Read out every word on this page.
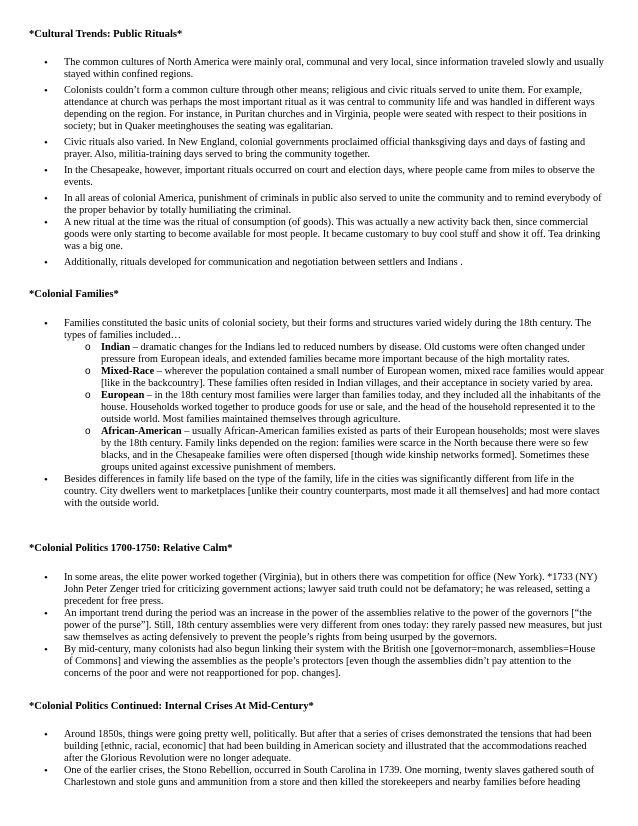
*Cultural Trends: Public Rituals*
• The common cultures of North America were mainly oral, communal and very local, since information traveled slowly and usually stayed within confined regions.
• Colonists couldn’t form a common culture through other means; religious and civic rituals served to unite them. For example, attendance at church was perhaps the most important ritual as it was central to community life and was handled in different ways depending on the region. For instance, in Puritan churches and in Virginia, people were seated with respect to their positions in society; but in Quaker meetinghouses the seating was egalitarian.
• Civic rituals also varied. In New England, colonial governments proclaimed official thanksgiving days and days of fasting and prayer. Also, militia-training days served to bring the community together.
• In the Chesapeake, however, important rituals occurred on court and election days, where people came from miles to observe the events.
• In all areas of colonial America, punishment of criminals in public also served to unite the community and to remind everybody of the proper behavior by totally humiliating the criminal.
• A new ritual at the time was the ritual of consumption (of goods). This was actually a new activity back then, since commercial goods were only starting to become available for most people. It became customary to buy cool stuff and show it off. Tea drinking was a big one.
• Additionally, rituals developed for communication and negotiation between settlers and Indians .
*Colonial Families*
• Families constituted the basic units of colonial society, but their forms and structures varied widely during the 18th century. The types of families included…
o Indian – dramatic changes for the Indians led to reduced numbers by disease. Old customs were often changed under pressure from European ideals, and extended families became more important because of the high mortality rates.
o Mixed-Race – wherever the population contained a small number of European women, mixed race families would appear [like in the backcountry]. These families often resided in Indian villages, and their acceptance in society varied by area.
o European – in the 18th century most families were larger than families today, and they included all the inhabitants of the house. Households worked together to produce goods for use or sale, and the head of the household represented it to the outside world. Most families maintained themselves through agriculture.
o African-American – usually African-American families existed as parts of their European households; most were slaves by the 18th century. Family links depended on the region: families were scarce in the North because there were so few blacks, and in the Chesapeake families were often dispersed [though wide kinship networks formed]. Sometimes these groups united against excessive punishment of members.
• Besides differences in family life based on the type of the family, life in the cities was significantly different from life in the country. City dwellers went to marketplaces [unlike their country counterparts, most made it all themselves] and had more contact with the outside world.
*Colonial Politics 1700-1750: Relative Calm*
• In some areas, the elite power worked together (Virginia), but in others there was competition for office (New York). *1733 (NY) John Peter Zenger tried for criticizing government actions; lawyer said truth could not be defamatory; he was released, setting a precedent for free press.
• An important trend during the period was an increase in the power of the assemblies relative to the power of the governors [“the power of the purse”]. Still, 18th century assemblies were very different from ones today: they rarely passed new measures, but just saw themselves as acting defensively to prevent the people’s rights from being usurped by the governors.
• By mid-century, many colonists had also begun linking their system with the British one [governor=monarch, assemblies=House of Commons] and viewing the assemblies as the people’s protectors [even though the assemblies didn’t pay attention to the concerns of the poor and were not reapportioned for pop. changes].
*Colonial Politics Continued: Internal Crises At Mid-Century*
• Around 1850s, things were going pretty well, politically. But after that a series of crises demonstrated the tensions that had been building [ethnic, racial, economic] that had been building in American society and illustrated that the accommodations reached after the Glorious Revolution were no longer adequate.
• One of the earlier crises, the Stono Rebellion, occurred in South Carolina in 1739. One morning, twenty slaves gathered south of Charlestown and stole guns and ammunition from a store and then killed the storekeepers and nearby families before heading
